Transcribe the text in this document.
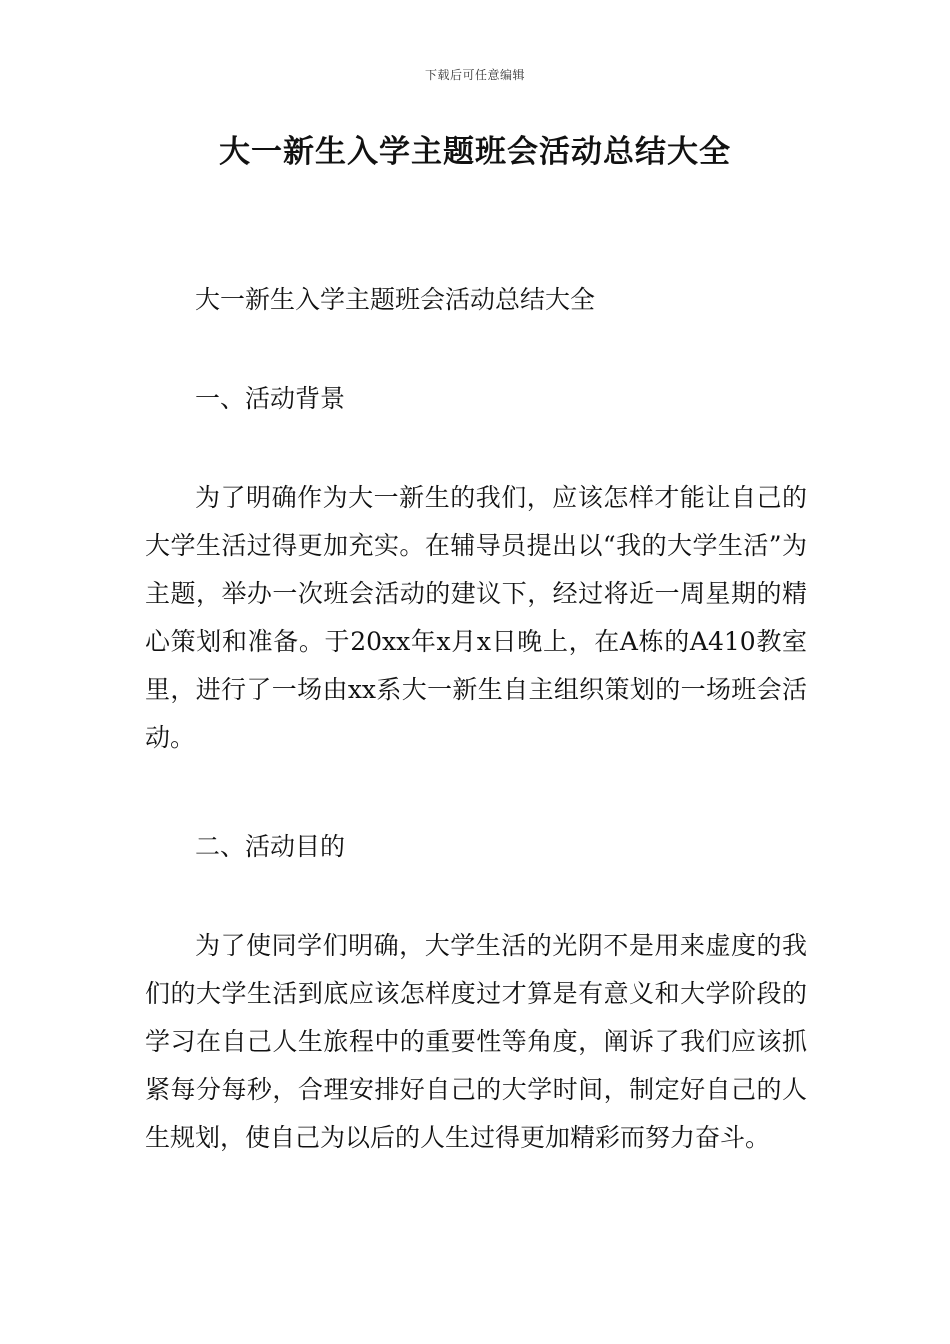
下载后可任意编辑
大一新生入学主题班会活动总结大全

大一新生入学主题班会活动总结大全

一、活动背景

为了明确作为大一新生的我们，应该怎样才能让自己的大学生活过得更加充实。在辅导员提出以“我的大学生活”为主题，举办一次班会活动的建议下，经过将近一周星期的精心策划和准备。于20xx年x月x日晚上，在A栋的A410教室里，进行了一场由xx系大一新生自主组织策划的一场班会活动。

二、活动目的

为了使同学们明确，大学生活的光阴不是用来虚度的我们的大学生活到底应该怎样度过才算是有意义和大学阶段的学习在自己人生旅程中的重要性等角度，阐诉了我们应该抓紧每分每秒，合理安排好自己的大学时间，制定好自己的人生规划，使自己为以后的人生过得更加精彩而努力奋斗。
